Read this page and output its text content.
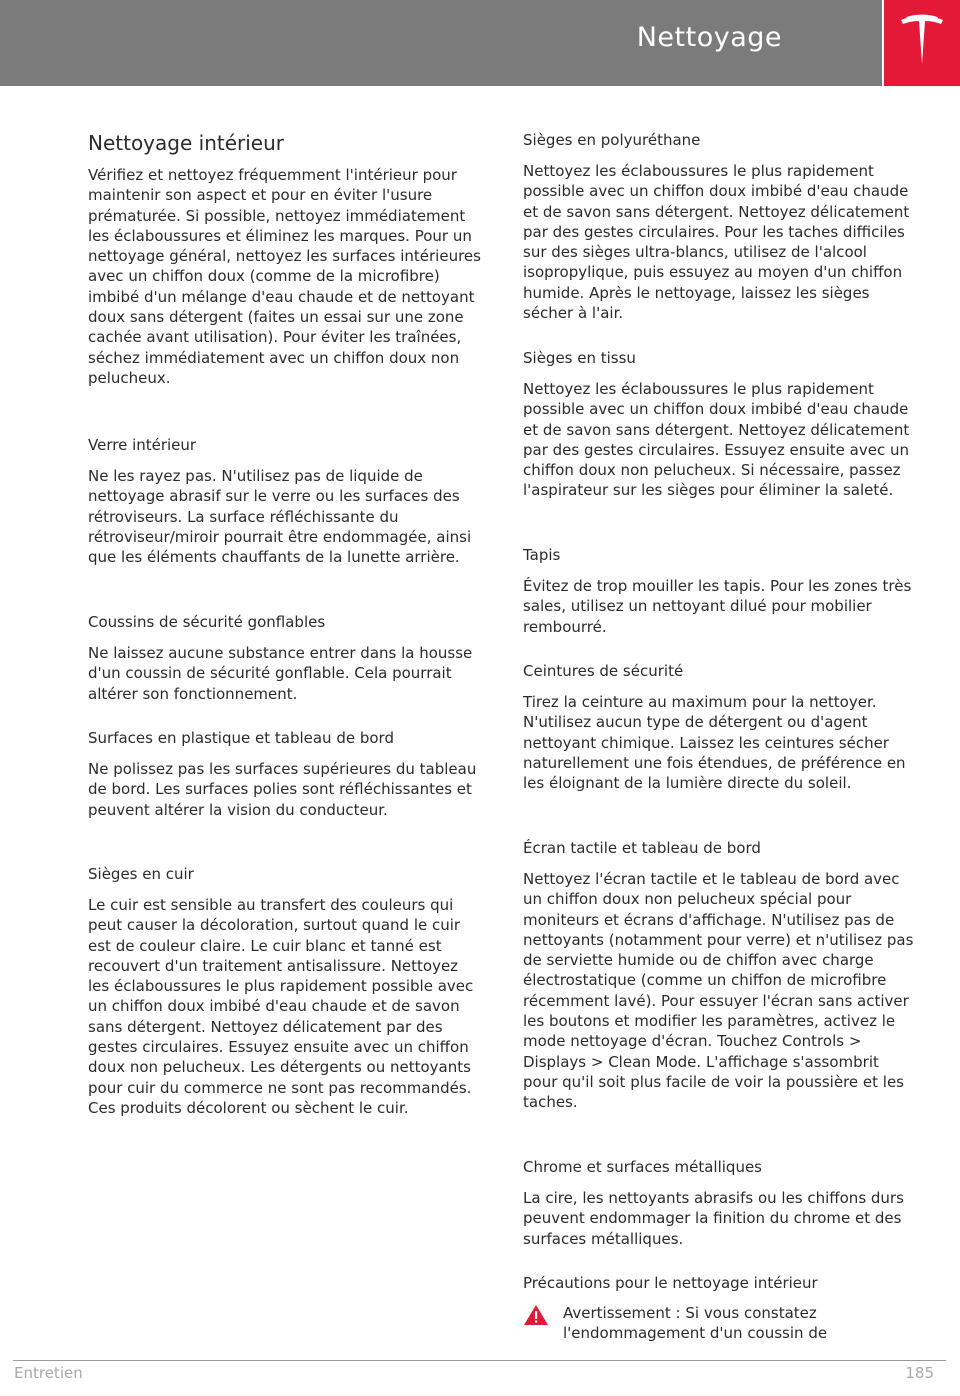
Nettoyage
Nettoyage intérieur

Vérifiez et nettoyez fréquemment l'intérieur pour maintenir son aspect et pour en éviter l'usure prématurée. Si possible, nettoyez immédiatement les éclaboussures et éliminez les marques. Pour un nettoyage général, nettoyez les surfaces intérieures avec un chiffon doux (comme de la microfibre) imbibé d'un mélange d'eau chaude et de nettoyant doux sans détergent (faites un essai sur une zone cachée avant utilisation). Pour éviter les traînées, séchez immédiatement avec un chiffon doux non pelucheux.

Verre intérieur

Ne les rayez pas. N'utilisez pas de liquide de nettoyage abrasif sur le verre ou les surfaces des rétroviseurs. La surface réfléchissante du rétroviseur/miroir pourrait être endommagée, ainsi que les éléments chauffants de la lunette arrière.

Coussins de sécurité gonflables

Ne laissez aucune substance entrer dans la housse d'un coussin de sécurité gonflable. Cela pourrait altérer son fonctionnement.

Surfaces en plastique et tableau de bord

Ne polissez pas les surfaces supérieures du tableau de bord. Les surfaces polies sont réfléchissantes et peuvent altérer la vision du conducteur.

Sièges en cuir

Le cuir est sensible au transfert des couleurs qui peut causer la décoloration, surtout quand le cuir est de couleur claire. Le cuir blanc et tanné est recouvert d'un traitement antisalissure. Nettoyez les éclaboussures le plus rapidement possible avec un chiffon doux imbibé d'eau chaude et de savon sans détergent. Nettoyez délicatement par des gestes circulaires. Essuyez ensuite avec un chiffon doux non pelucheux. Les détergents ou nettoyants pour cuir du commerce ne sont pas recommandés. Ces produits décolorent ou sèchent le cuir.

Sièges en polyuréthane

Nettoyez les éclaboussures le plus rapidement possible avec un chiffon doux imbibé d'eau chaude et de savon sans détergent. Nettoyez délicatement par des gestes circulaires. Pour les taches difficiles sur des sièges ultra-blancs, utilisez de l'alcool isopropylique, puis essuyez au moyen d'un chiffon humide. Après le nettoyage, laissez les sièges sécher à l'air.

Sièges en tissu

Nettoyez les éclaboussures le plus rapidement possible avec un chiffon doux imbibé d'eau chaude et de savon sans détergent. Nettoyez délicatement par des gestes circulaires. Essuyez ensuite avec un chiffon doux non pelucheux. Si nécessaire, passez l'aspirateur sur les sièges pour éliminer la saleté.

Tapis

Évitez de trop mouiller les tapis. Pour les zones très sales, utilisez un nettoyant dilué pour mobilier rembourré.

Ceintures de sécurité

Tirez la ceinture au maximum pour la nettoyer. N'utilisez aucun type de détergent ou d'agent nettoyant chimique. Laissez les ceintures sécher naturellement une fois étendues, de préférence en les éloignant de la lumière directe du soleil.

Écran tactile et tableau de bord

Nettoyez l'écran tactile et le tableau de bord avec un chiffon doux non pelucheux spécial pour moniteurs et écrans d'affichage. N'utilisez pas de nettoyants (notamment pour verre) et n'utilisez pas de serviette humide ou de chiffon avec charge électrostatique (comme un chiffon de microfibre récemment lavé). Pour essuyer l'écran sans activer les boutons et modifier les paramètres, activez le mode nettoyage d'écran. Touchez Controls > Displays > Clean Mode. L'affichage s'assombrit pour qu'il soit plus facile de voir la poussière et les taches.

Chrome et surfaces métalliques

La cire, les nettoyants abrasifs ou les chiffons durs peuvent endommager la finition du chrome et des surfaces métalliques.

Précautions pour le nettoyage intérieur

Avertissement : Si vous constatez l'endommagement d'un coussin de

Entretien	185
